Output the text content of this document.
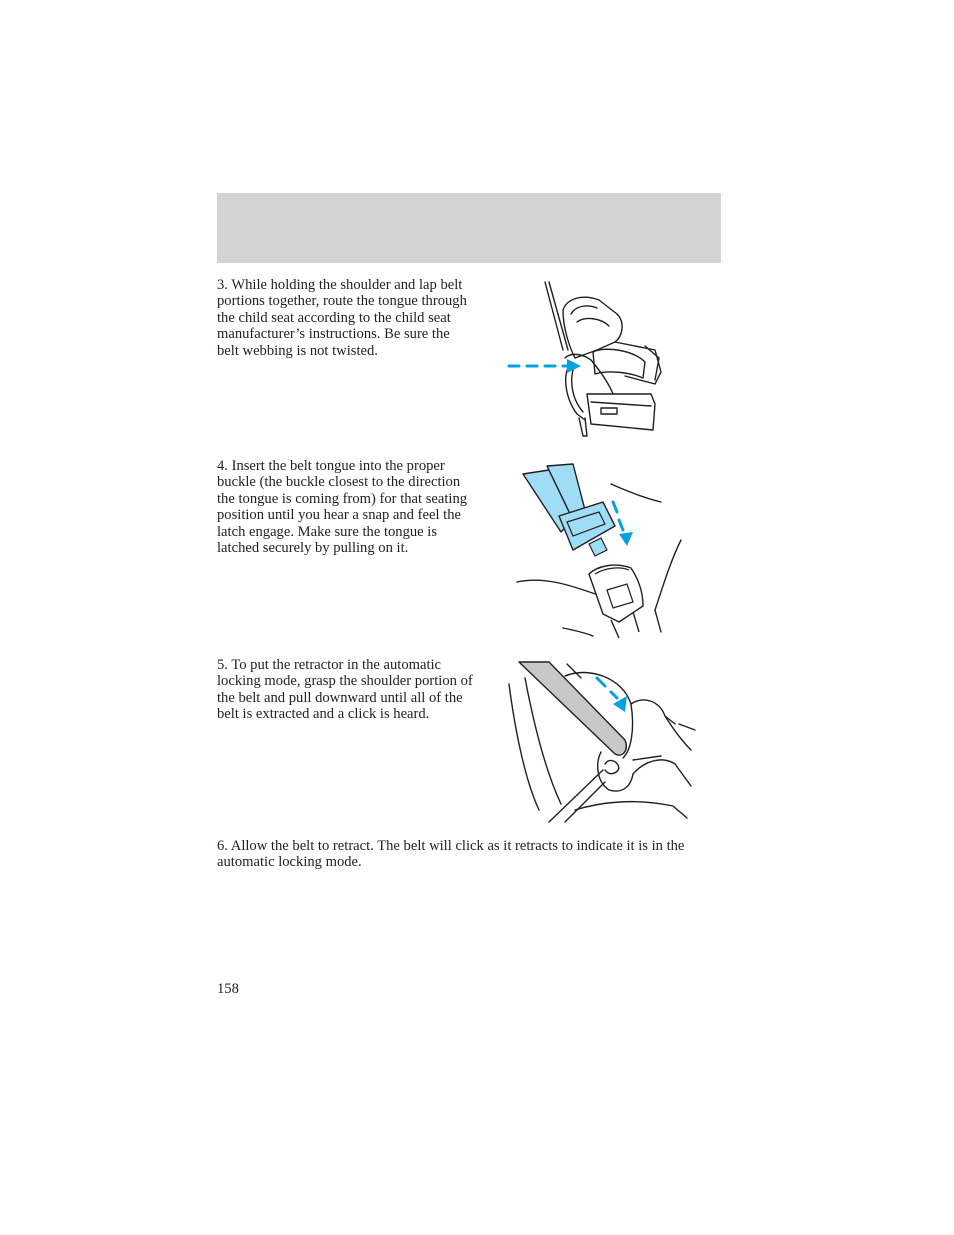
3. While holding the shoulder and lap belt portions together, route the tongue through the child seat according to the child seat manufacturer’s instructions. Be sure the belt webbing is not twisted.

4. Insert the belt tongue into the proper buckle (the buckle closest to the direction the tongue is coming from) for that seating position until you hear a snap and feel the latch engage. Make sure the tongue is latched securely by pulling on it.

5. To put the retractor in the automatic locking mode, grasp the shoulder portion of the belt and pull downward until all of the belt is extracted and a click is heard.

6. Allow the belt to retract. The belt will click as it retracts to indicate it is in the automatic locking mode.

158
